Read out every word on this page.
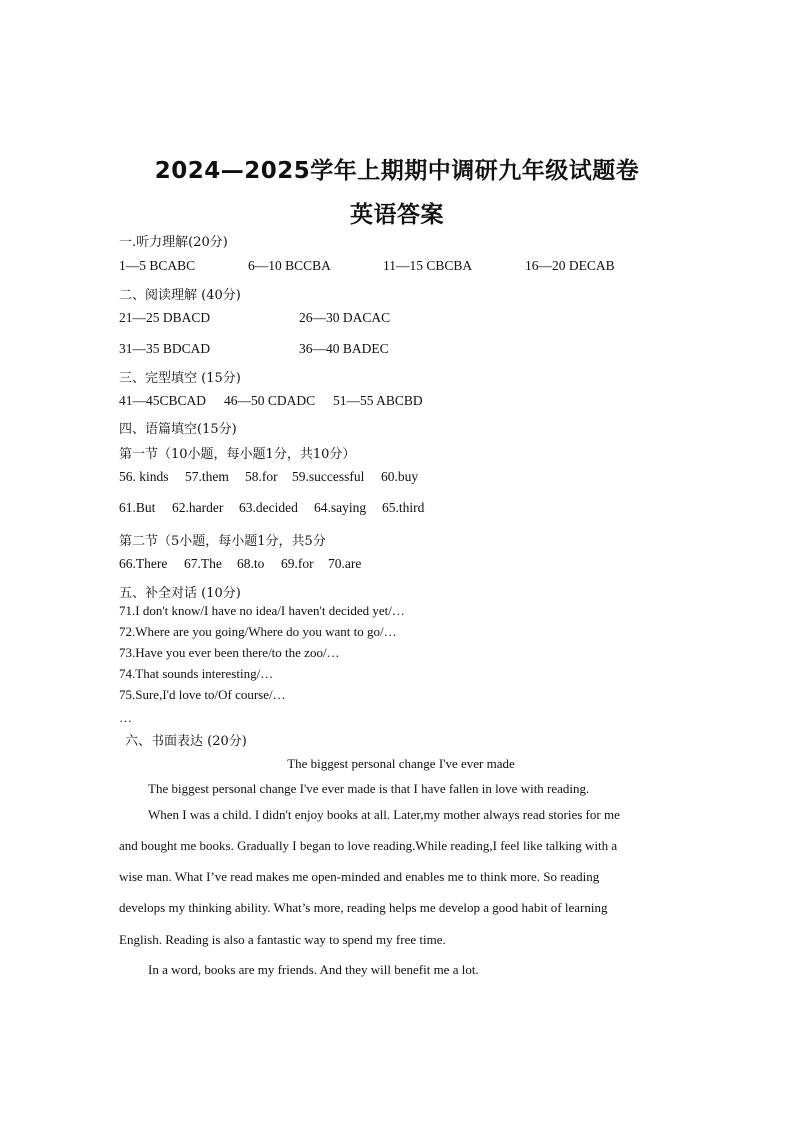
2024—2025学年上期期中调研九年级试题卷
英语答案
一.听力理解(20分)
1—5 BCABC	6—10 BCCBA	11—15 CBCBA	16—20 DECAB
二、阅读理解 (40分)
21—25 DBACD	26—30 DACAC
31—35 BDCAD	36—40 BADEC
三、完型填空 (15分)
41—45CBCAD 46—50 CDADC 51—55 ABCBD
四、语篇填空(15分)
第一节（10小题，每小题1分，共10分）
56. kinds 57.them 58.for 59.successful 60.buy
61.But 62.harder 63.decided 64.saying 65.third
第二节（5小题，每小题1分，共5分
66.There 67.The 68.to 69.for 70.are
五、补全对话 (10分)
71.I don't know/I have no idea/I haven't decided yet/…
72.Where are you going/Where do you want to go/…
73.Have you ever been there/to the zoo/…
74.That sounds interesting/…
75.Sure,I'd love to/Of course/…
…
六、书面表达 (20分)
The biggest personal change I've ever made
The biggest personal change I've ever made is that I have fallen in love with reading.
When I was a child. I didn't enjoy books at all. Later,my mother always read stories for me
and bought me books. Gradually I began to love reading.While reading,I feel like talking with a
wise man. What I’ve read makes me open-minded and enables me to think more. So reading
develops my thinking ability. What’s more, reading helps me develop a good habit of learning
English. Reading is also a fantastic way to spend my free time.
In a word, books are my friends. And they will benefit me a lot.
